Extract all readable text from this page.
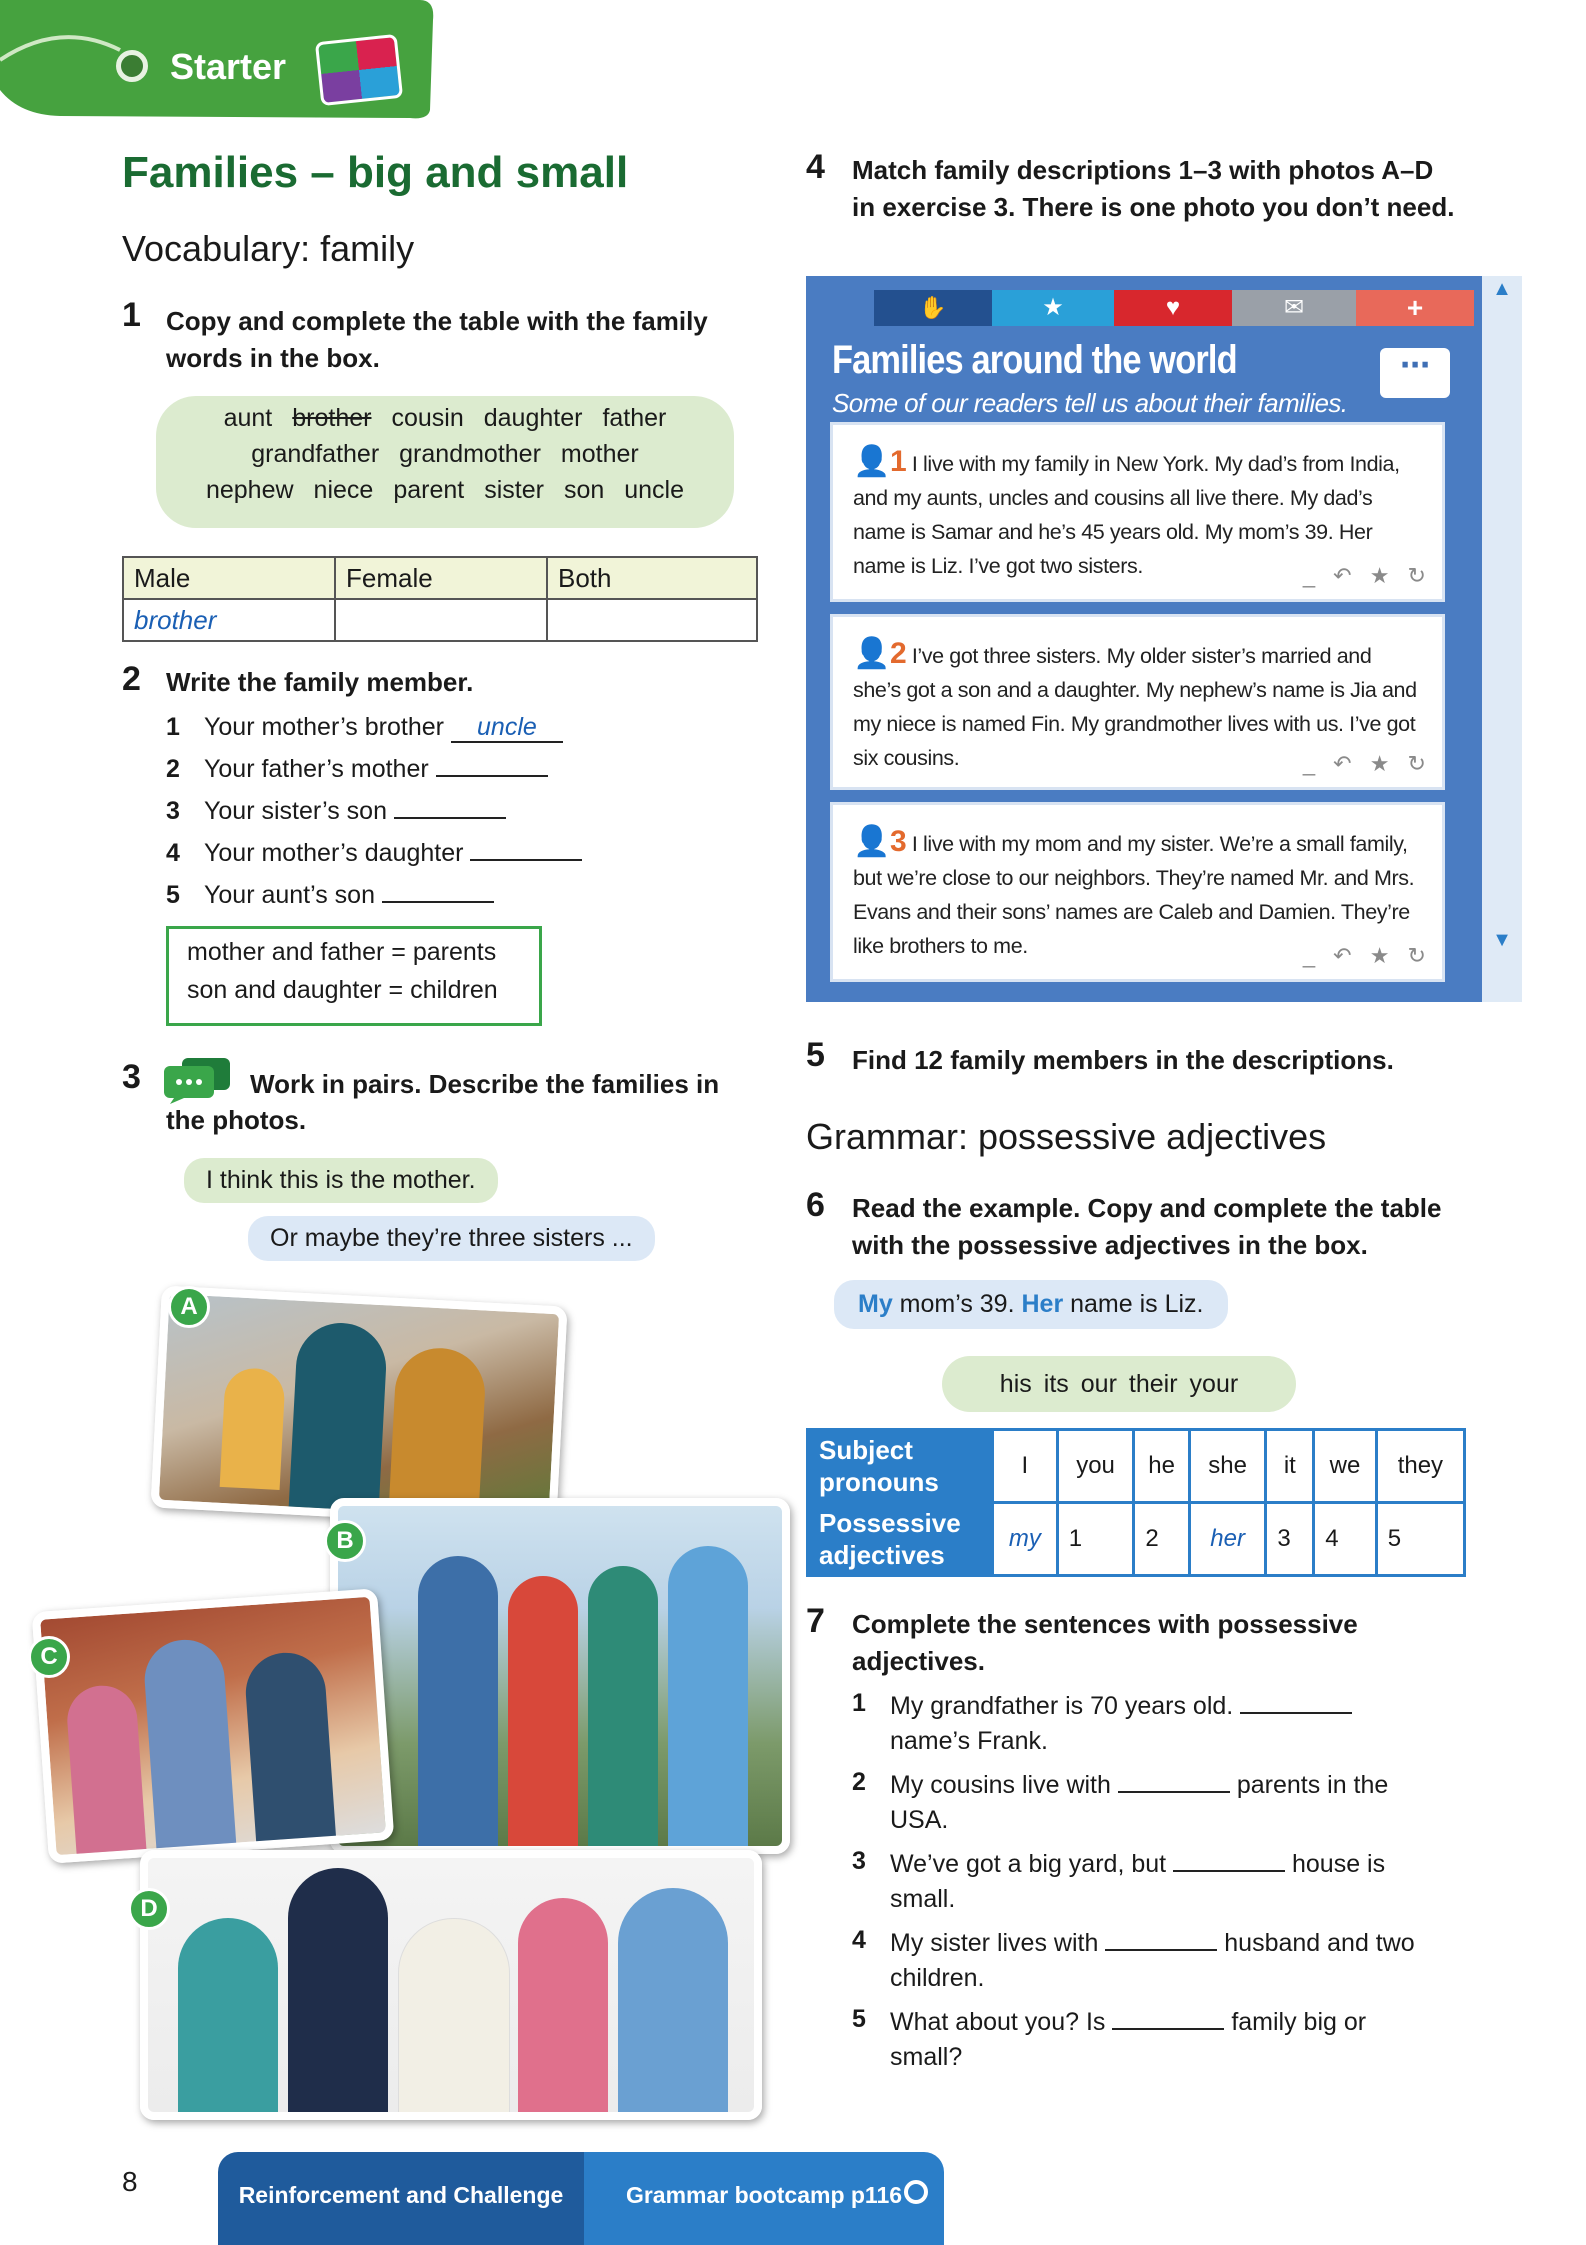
Starter
Families – big and small
Vocabulary: family
1 Copy and complete the table with the family words in the box.
aunt brother cousin daughter father
grandfather grandmother mother
nephew niece parent sister son uncle
Male	Female	Both
brother		
2 Write the family member.
1 Your mother’s brother uncle
2 Your father’s mother
3 Your sister’s son
4 Your mother’s daughter
5 Your aunt’s son
mother and father = parents
son and daughter = children
3	Work in pairs. Describe the families in
the photos.
I think this is the mother.
Or maybe they’re three sisters ...
A
B
C
D
4 Match family descriptions 1–3 with photos A–D in exercise 3. There is one photo you don’t need.
✋	★	♥	✉	+
Families around the world
Some of our readers tell us about their families.
⋯
👤1 I live with my family in New York. My dad’s from India, and my aunts, uncles and cousins all live there. My dad’s name is Samar and he’s 45 years old. My mom’s 39. Her name is Liz. I’ve got two sisters.	_ ↶ ★ ↻
👤2 I’ve got three sisters. My older sister’s married and she’s got a son and a daughter. My nephew’s name is Jia and my niece is named Fin. My grandmother lives with us. I’ve got six cousins.	_ ↶ ★ ↻
👤3 I live with my mom and my sister. We’re a small family, but we’re close to our neighbors. They’re named Mr. and Mrs. Evans and their sons’ names are Caleb and Damien. They’re like brothers to me.	_ ↶ ★ ↻
▲
▼
5 Find 12 family members in the descriptions.
Grammar: possessive adjectives
6 Read the example. Copy and complete the table with the possessive adjectives in the box.
My mom’s 39. Her name is Liz.
his its our their your
Subject pronouns	I	you	he	she	it	we	they
Possessive adjectives	my	1	2	her	3	4	5
7 Complete the sentences with possessive adjectives.
1 My grandfather is 70 years old.
name’s Frank.
2 My cousins live with	parents in the
USA.
3 We’ve got a big yard, but	house is
small.
4 My sister lives with	husband and two
children.
5 What about you? Is	family big or
small?
8	Reinforcement and Challenge	Grammar bootcamp p116
